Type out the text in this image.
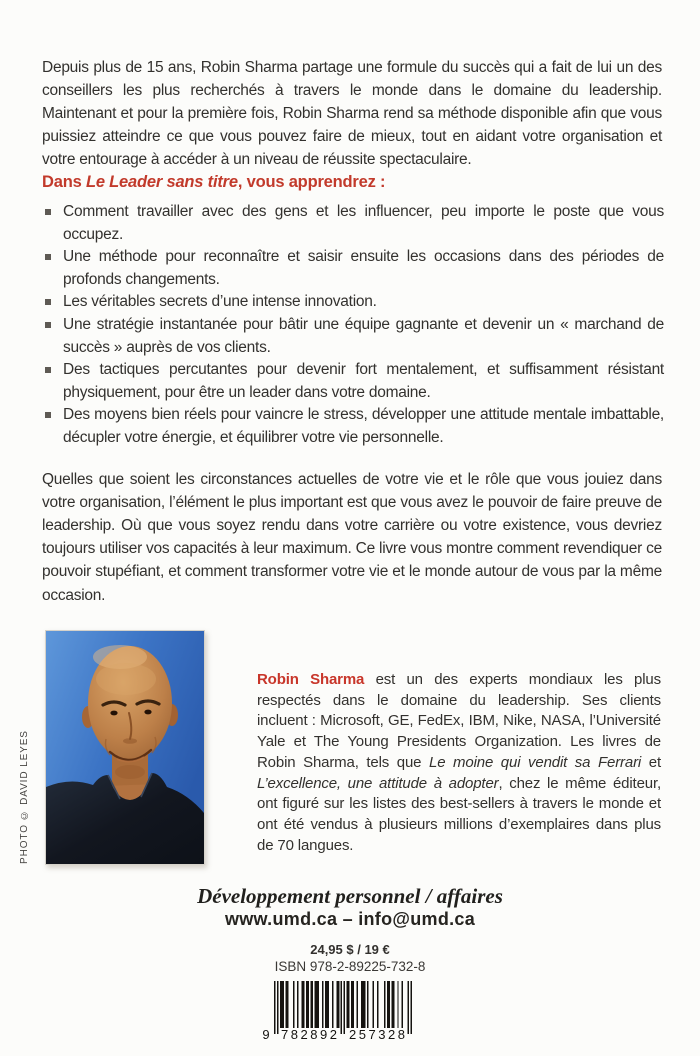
Depuis plus de 15 ans, Robin Sharma partage une formule du succès qui a fait de lui un des conseillers les plus recherchés à travers le monde dans le domaine du leadership. Maintenant et pour la première fois, Robin Sharma rend sa méthode disponible afin que vous puissiez atteindre ce que vous pouvez faire de mieux, tout en aidant votre organisation et votre entourage à accéder à un niveau de réussite spectaculaire.

Dans Le Leader sans titre, vous apprendrez :
Comment travailler avec des gens et les influencer, peu importe le poste que vous occupez.
Une méthode pour reconnaître et saisir ensuite les occasions dans des périodes de profonds changements.
Les véritables secrets d’une intense innovation.
Une stratégie instantanée pour bâtir une équipe gagnante et devenir un « marchand de succès » auprès de vos clients.
Des tactiques percutantes pour devenir fort mentalement, et suffisamment résistant physiquement, pour être un leader dans votre domaine.
Des moyens bien réels pour vaincre le stress, développer une attitude mentale imbattable, décupler votre énergie, et équilibrer votre vie personnelle.

Quelles que soient les circonstances actuelles de votre vie et le rôle que vous jouiez dans votre organisation, l’élément le plus important est que vous avez le pouvoir de faire preuve de leadership. Où que vous soyez rendu dans votre carrière ou votre existence, vous devriez toujours utiliser vos capacités à leur maximum. Ce livre vous montre comment revendiquer ce pouvoir stupéfiant, et comment transformer votre vie et le monde autour de vous par la même occasion.

PHOTO © DAVID LEYES

Robin Sharma est un des experts mondiaux les plus respectés dans le domaine du leadership. Ses clients incluent : Microsoft, GE, FedEx, IBM, Nike, NASA, l’Université Yale et The Young Presidents Organization. Les livres de Robin Sharma, tels que Le moine qui vendit sa Ferrari et L’excellence, une attitude à adopter, chez le même éditeur, ont figuré sur les listes des best-sellers à travers le monde et ont été vendus à plusieurs millions d’exemplaires dans plus de 70 langues.

Développement personnel / affaires
www.umd.ca – info@umd.ca
24,95 $ / 19 €
ISBN 978-2-89225-732-8
9 782892 257328
